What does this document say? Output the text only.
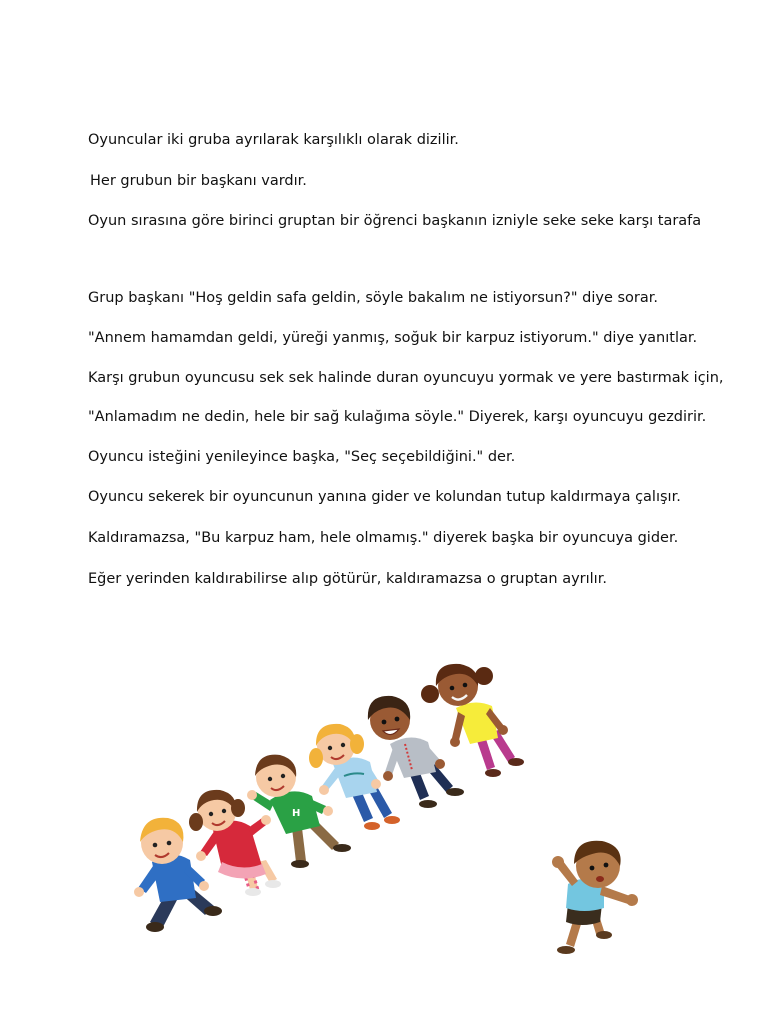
Oyuncular iki gruba ayrılarak karşılıklı olarak dizilir.

Her grubun bir başkanı vardır.

Oyun sırasına göre birinci gruptan bir öğrenci başkanın izniyle seke seke karşı tarafa

Grup başkanı "Hoş geldin safa geldin, söyle bakalım ne istiyorsun?" diye sorar.

"Annem hamamdan geldi, yüreği yanmış, soğuk bir karpuz istiyorum." diye yanıtlar.

Karşı grubun oyuncusu sek sek halinde duran oyuncuyu yormak ve yere bastırmak için,

"Anlamadım ne dedin, hele bir sağ kulağıma söyle." Diyerek, karşı oyuncuyu gezdirir.

Oyuncu isteğini yenileyince başka, "Seç seçebildiğini." der.

Oyuncu sekerek bir oyuncunun yanına gider ve kolundan tutup kaldırmaya çalışır.

Kaldıramazsa, "Bu karpuz ham, hele olmamış." diyerek başka bir oyuncuya gider.

Eğer yerinden kaldırabilirse alıp götürür, kaldıramazsa o gruptan ayrılır.

H
